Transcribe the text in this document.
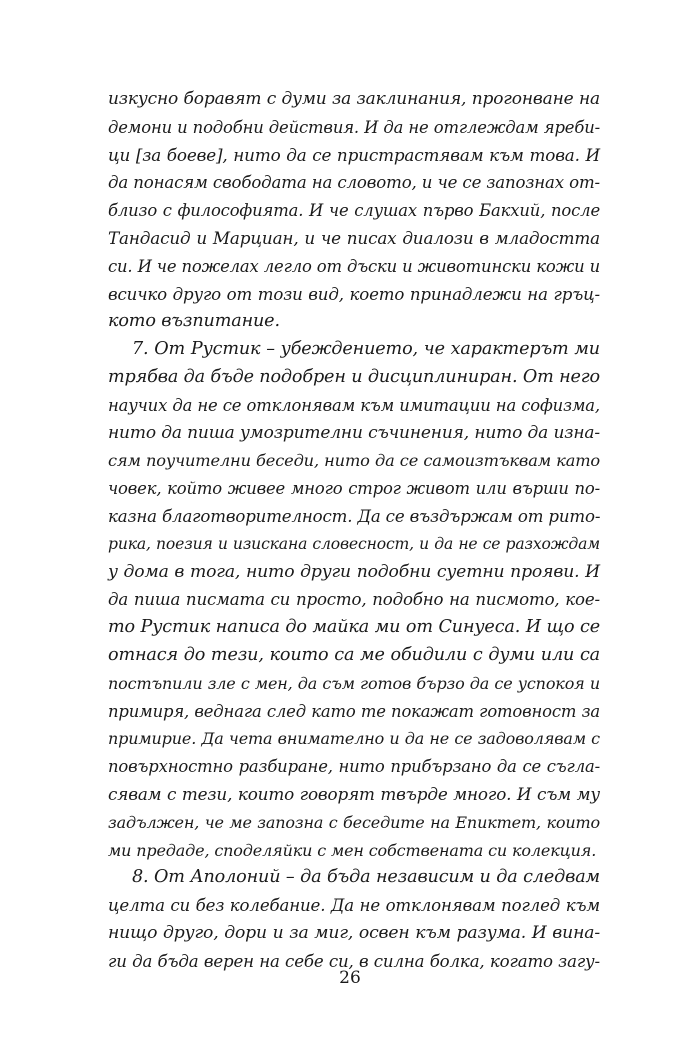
изкусно боравят с думи за заклинания, прогонване на
демони и подобни действия. И да не отглеждам яреби-
ци [за боеве], нито да се пристрастявам към това. И
да понасям свободата на словото, и че се запознах от-
близо с философията. И че слушах първо Бакхий, после
Тандасид и Марциан, и че писах диалози в младостта
си. И че пожелах легло от дъски и животински кожи и
всичко друго от този вид, което принадлежи на гръц-
кото възпитание.
7. От Рустик – убеждението, че характерът ми
трябва да бъде подобрен и дисциплиниран. От него
научих да не се отклонявам към имитации на софизма,
нито да пиша умозрителни съчинения, нито да изна-
сям поучителни беседи, нито да се самоизтъквам като
човек, който живее много строг живот или върши по-
казна благотворителност. Да се въздържам от рито-
рика, поезия и изискана словесност, и да не се разхождам
у дома в тога, нито други подобни суетни прояви. И
да пиша писмата си просто, подобно на писмото, кое-
то Рустик написа до майка ми от Синуеса. И що се
отнася до тези, които са ме обидили с думи или са
постъпили зле с мен, да съм готов бързо да се успокоя и
примиря, веднага след като те покажат готовност за
примирие. Да чета внимателно и да не се задоволявам с
повърхностно разбиране, нито прибързано да се съгла-
сявам с тези, които говорят твърде много. И съм му
задължен, че ме запозна с беседите на Епиктет, които
ми предаде, споделяйки с мен собствената си колекция.
8. От Аполоний – да бъда независим и да следвам
целта си без колебание. Да не отклонявам поглед към
нищо друго, дори и за миг, освен към разума. И вина-
ги да бъда верен на себе си, в силна болка, когато загу-
26
